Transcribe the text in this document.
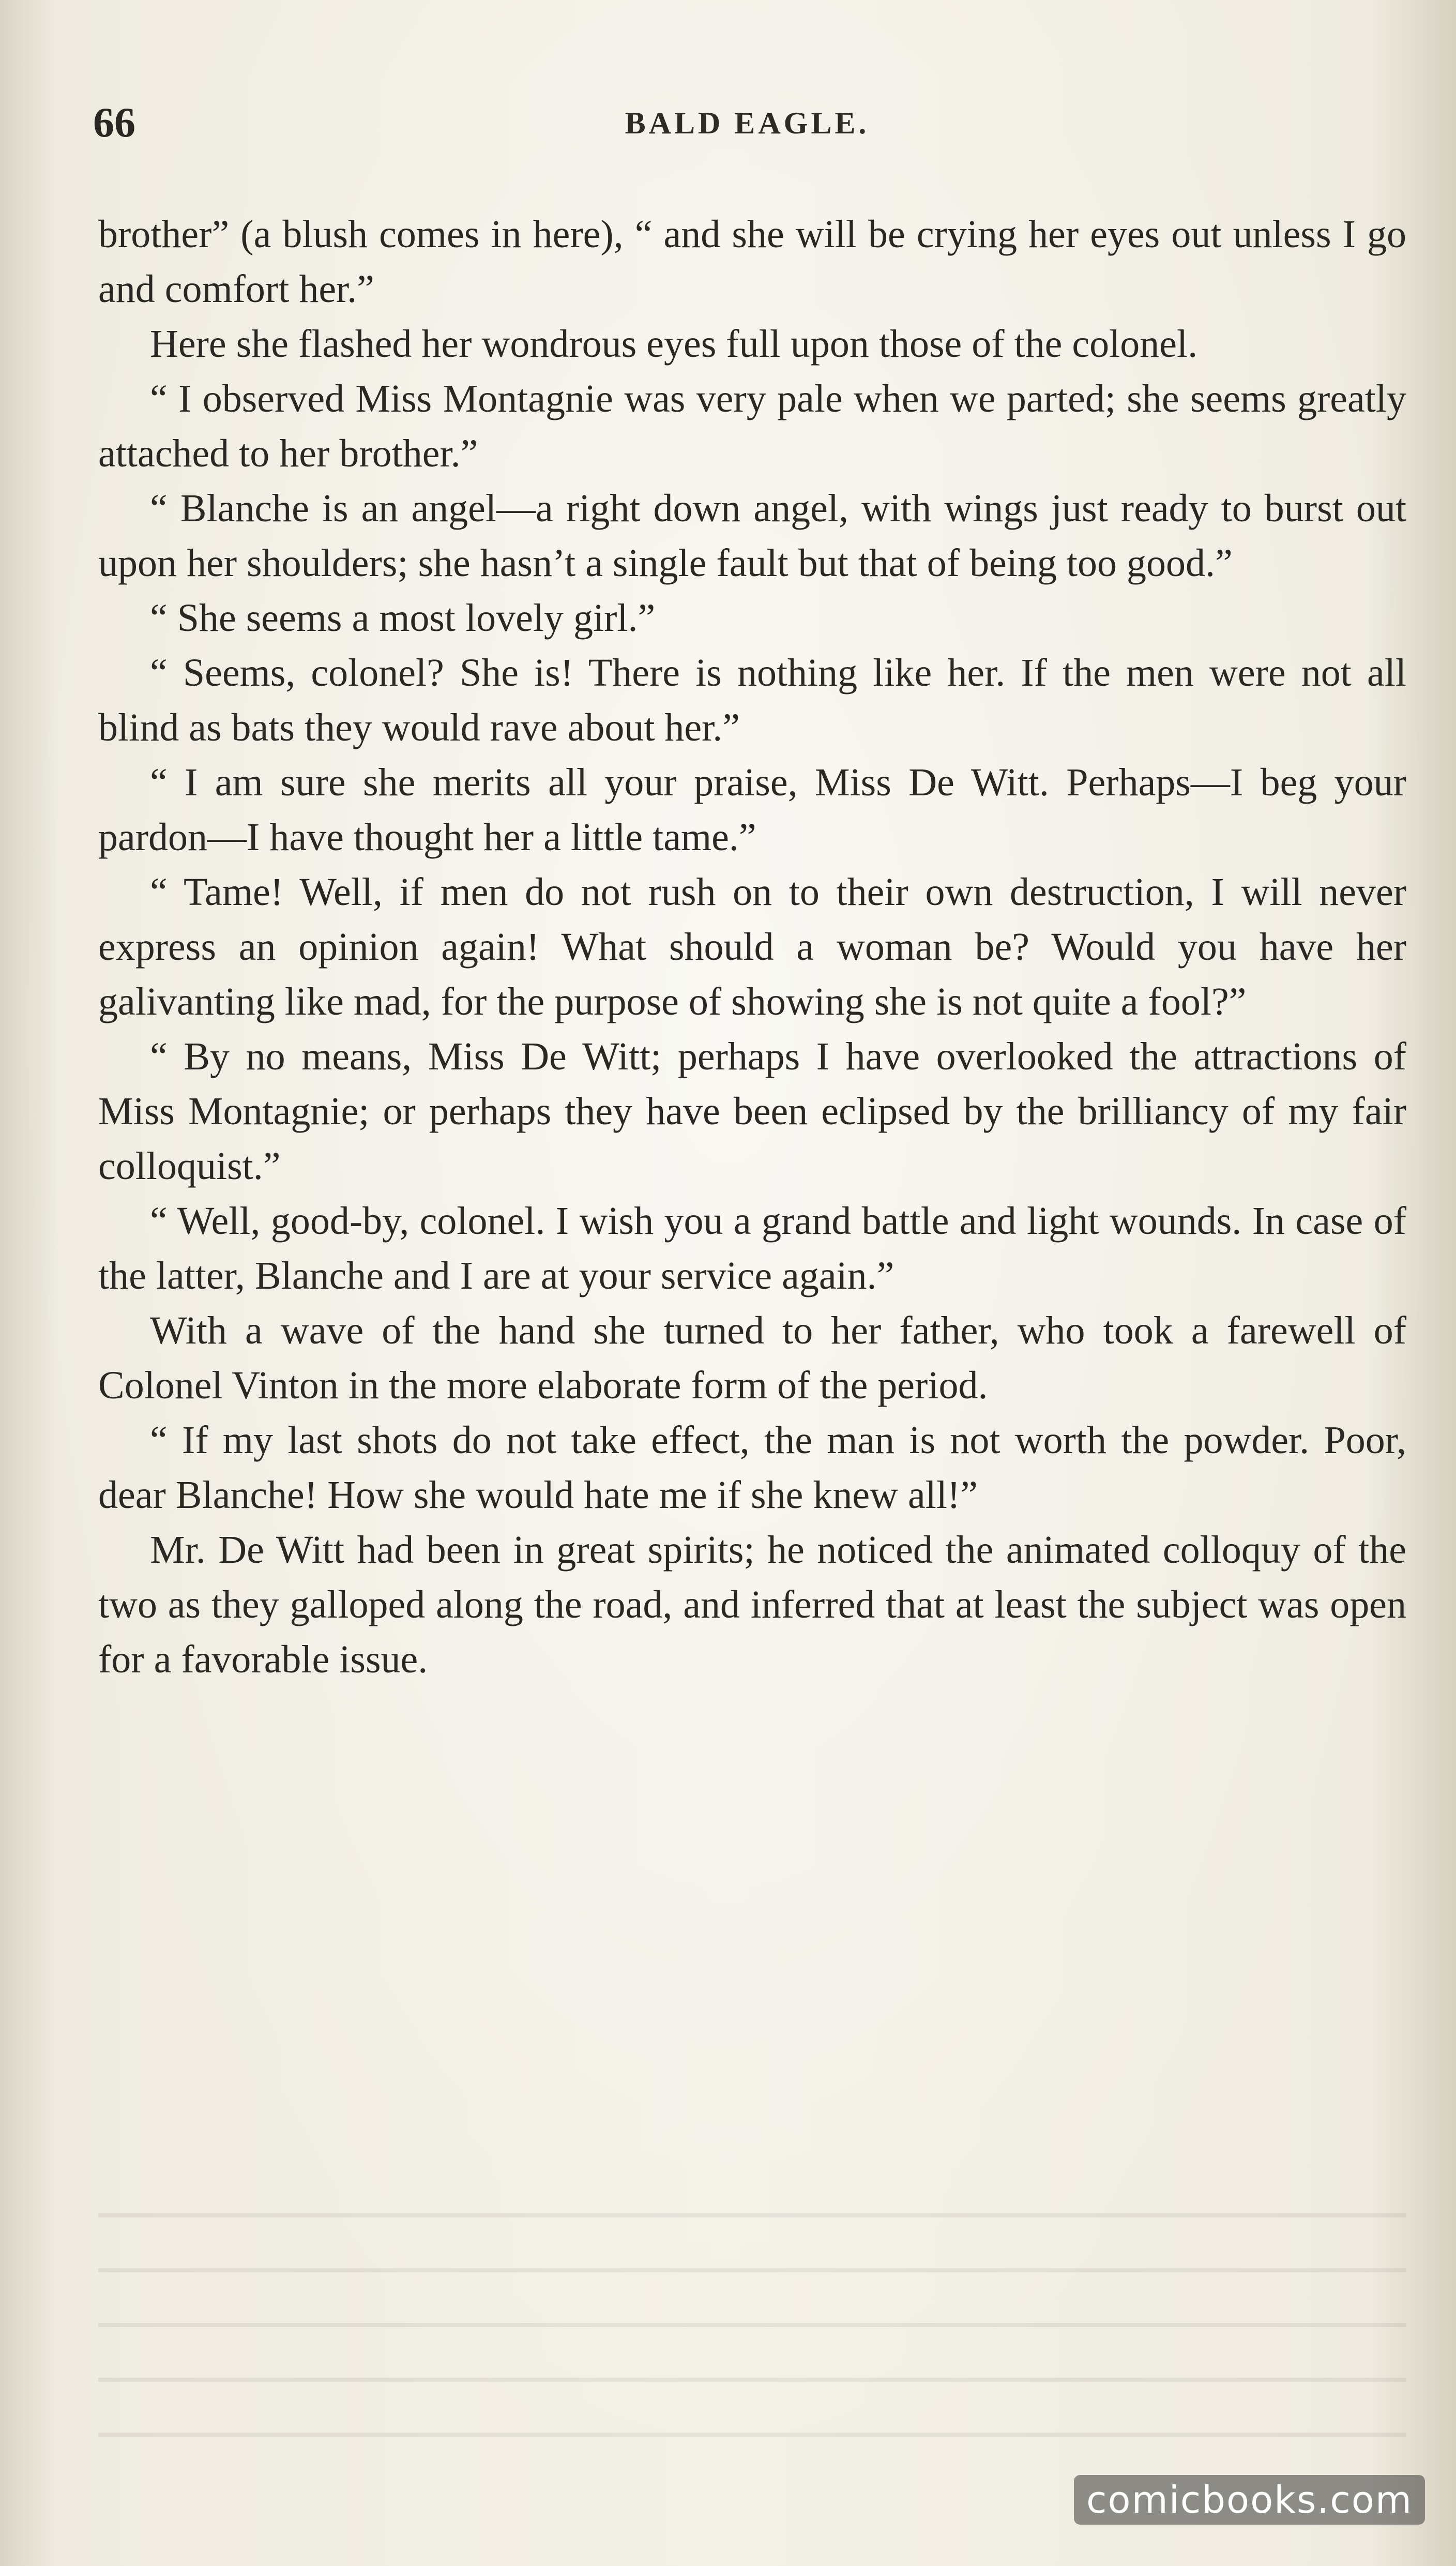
66	BALD EAGLE.

brother” (a blush comes in here), “ and she will be crying her eyes out unless I go and comfort her.”

Here she flashed her wondrous eyes full upon those of the colonel.

“ I observed Miss Montagnie was very pale when we parted; she seems greatly attached to her brother.”

“ Blanche is an angel—a right down angel, with wings just ready to burst out upon her shoulders; she hasn’t a single fault but that of being too good.”

“ She seems a most lovely girl.”

“ Seems, colonel? She is! There is nothing like her. If the men were not all blind as bats they would rave about her.”

“ I am sure she merits all your praise, Miss De Witt. Perhaps—I beg your pardon—I have thought her a little tame.”

“ Tame! Well, if men do not rush on to their own destruction, I will never express an opinion again! What should a woman be? Would you have her galivanting like mad, for the purpose of showing she is not quite a fool?”

“ By no means, Miss De Witt; perhaps I have overlooked the attractions of Miss Montagnie; or perhaps they have been eclipsed by the brilliancy of my fair colloquist.”

“ Well, good-by, colonel. I wish you a grand battle and light wounds. In case of the latter, Blanche and I are at your service again.”

With a wave of the hand she turned to her father, who took a farewell of Colonel Vinton in the more elaborate form of the period.

“ If my last shots do not take effect, the man is not worth the powder. Poor, dear Blanche! How she would hate me if she knew all!”

Mr. De Witt had been in great spirits; he noticed the animated colloquy of the two as they galloped along the road, and inferred that at least the subject was open for a favorable issue.

comicbooks.com
